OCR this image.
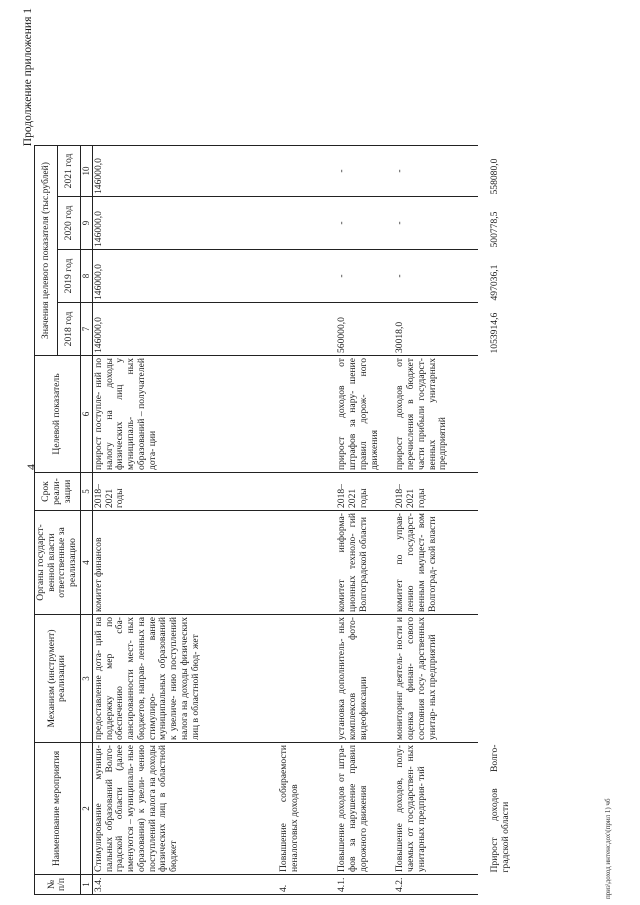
4
Продолжение приложения 1
№ п/п	Наименование мероприятия	Механизм (инструмент) реализации	Органы государст- венной власти ответственные за реализацию	Срок реали- зации	Целевой показатель	Значения целевого показателя (тыс.рублей)			
						2018 год	2019 год	2020 год	2021 год
1	2	3	4	5	6	7	8	9	10
3.4.	Стимулирование муници- пальных образований Волго- градской области (далее именуются – муниципаль- ные образования) к увели- чению поступлений налога на доходы физических лиц в областной бюджет	предоставление дота- ций на поддержку мер по обеспечению сба- лансированности мест- ных бюджетов, направ- ленных на стимулиро- вание муниципальных образований к увеличе- нию поступлений налога на доходы физических лиц в областной бюд- жет	комитет финансов	2018– 2021 годы	прирост поступле- ний по налогу на доходы физических лиц у муниципаль- ных образований – получателей дота- ции	146000,0	146000,0	146000,0	146000,0
4.	Повышение собираемости неналоговых доходов								
4.1.	Повышение доходов от штра- фов за нарушение правил дорожного движения	установка дополнитель- ных комплексов фото- видеофиксации	комитет информа- ционных техноло- гий Волгоградской области	2018– 2021 годы	прирост доходов от штрафов за нару- шение правил дорож- ного движения	560000,0	-	-	-
4.2.	Повышение доходов, полу- чаемых от государствен- ных унитарных предприя- тий	мониторинг деятель- ности и оценка финан- сового состояния госу- дарственных унитар- ных предприятий	комитет по управ- лению государст- венным имущест- вом Волгоград- ской власти	2018– 2021 годы	прирост доходов от перечисления в бюджет части прибыли государст- венных унитарных предприятий	30018,0	-	-	-
	Прирост доходов Волго- градской области					1053914,6	497036,1	500778,5	558080,0
приз\доход интенсдох\(прил 1) чб
